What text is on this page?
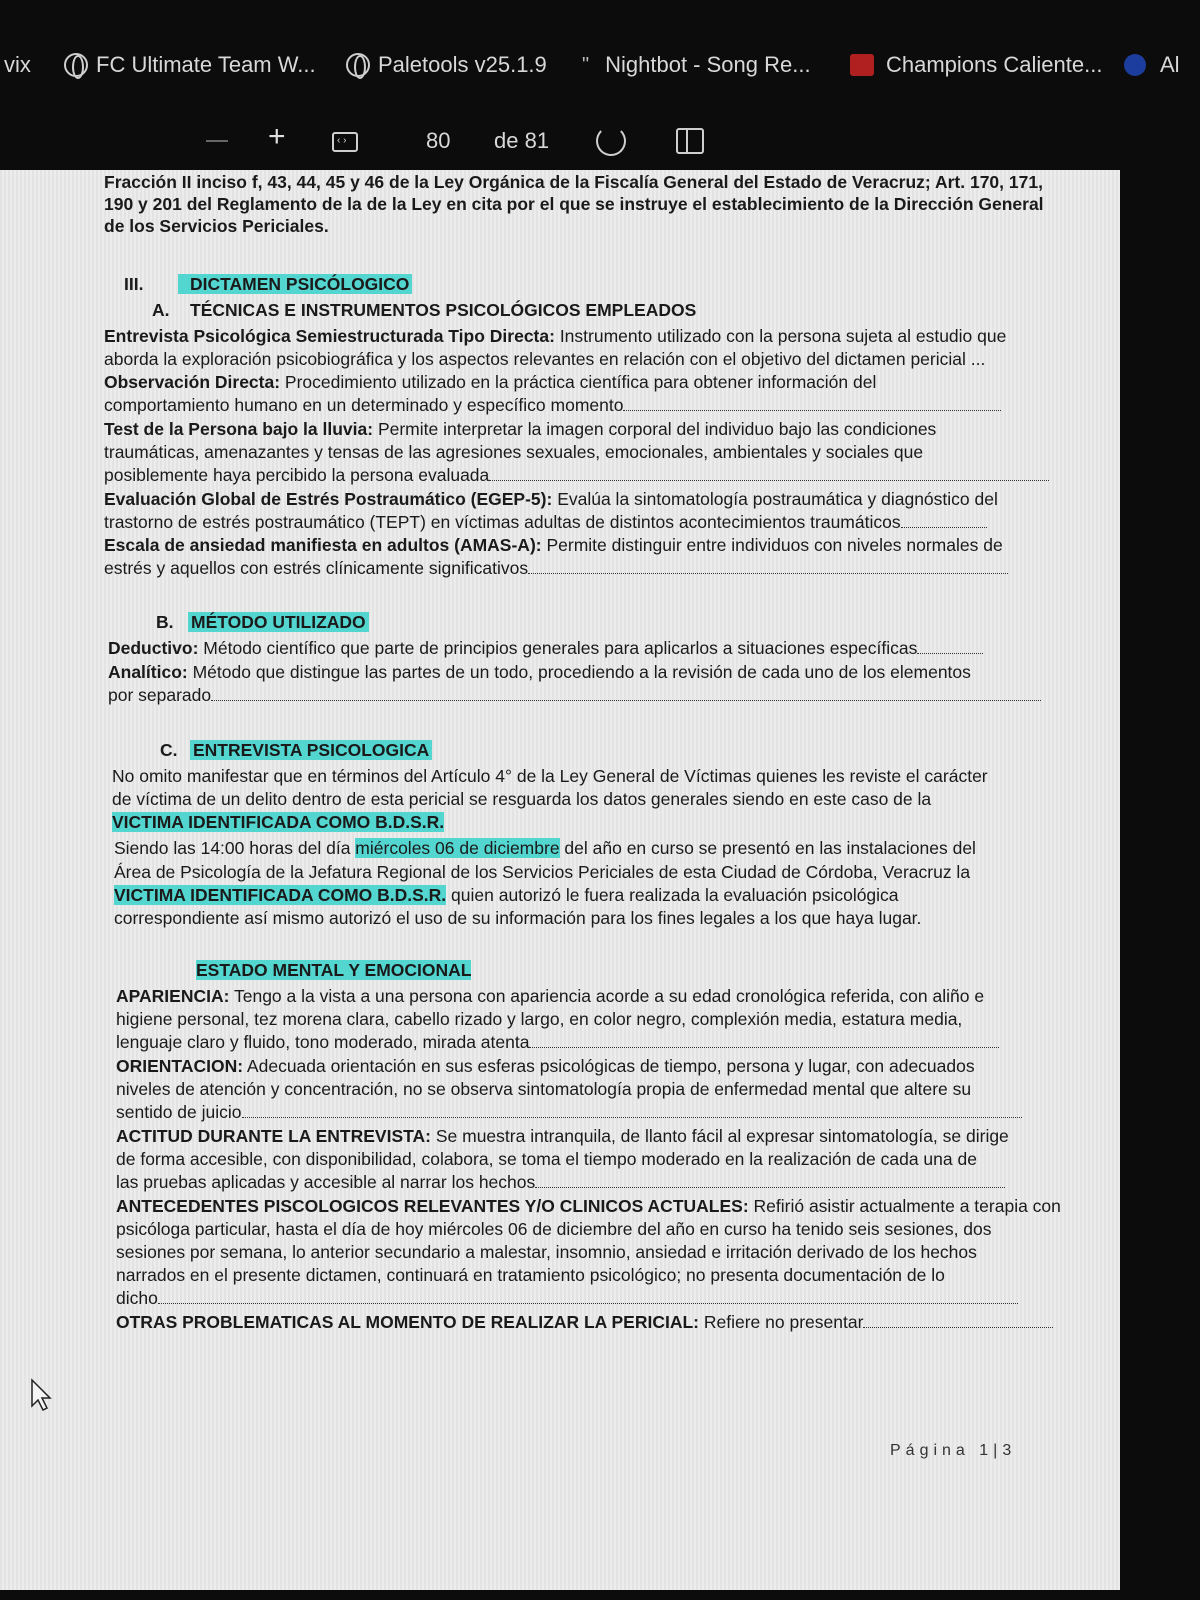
vix	FC Ultimate Team W...	Paletools v25.1.9 " Nightbot - Song Re...	Champions Caliente...	Al
+
‹ ›	80 de 81
Fracción II inciso f, 43, 44, 45 y 46 de la Ley Orgánica de la Fiscalía General del Estado de Veracruz; Art. 170, 171,
190 y 201 del Reglamento de la de la Ley en cita por el que se instruye el establecimiento de la Dirección General
de los Servicios Periciales.
III.	DICTAMEN PSICÓLOGICO
A. TÉCNICAS E INSTRUMENTOS PSICOLÓGICOS EMPLEADOS
Entrevista Psicológica Semiestructurada Tipo Directa: Instrumento utilizado con la persona sujeta al estudio que
aborda la exploración psicobiográfica y los aspectos relevantes en relación con el objetivo del dictamen pericial ...
Observación Directa: Procedimiento utilizado en la práctica científica para obtener información del
comportamiento humano en un determinado y específico momento
Test de la Persona bajo la lluvia: Permite interpretar la imagen corporal del individuo bajo las condiciones
traumáticas, amenazantes y tensas de las agresiones sexuales, emocionales, ambientales y sociales que
posiblemente haya percibido la persona evaluada
Evaluación Global de Estrés Postraumático (EGEP-5): Evalúa la sintomatología postraumática y diagnóstico del
trastorno de estrés postraumático (TEPT) en víctimas adultas de distintos acontecimientos traumáticos
Escala de ansiedad manifiesta en adultos (AMAS-A): Permite distinguir entre individuos con niveles normales de
estrés y aquellos con estrés clínicamente significativos
B. MÉTODO UTILIZADO
Deductivo: Método científico que parte de principios generales para aplicarlos a situaciones específicas
Analítico: Método que distingue las partes de un todo, procediendo a la revisión de cada uno de los elementos
por separado
C. ENTREVISTA PSICOLOGICA
No omito manifestar que en términos del Artículo 4° de la Ley General de Víctimas quienes les reviste el carácter
de víctima de un delito dentro de esta pericial se resguarda los datos generales siendo en este caso de la
VICTIMA IDENTIFICADA COMO B.D.S.R.
Siendo las 14:00 horas del día miércoles 06 de diciembre del año en curso se presentó en las instalaciones del
Área de Psicología de la Jefatura Regional de los Servicios Periciales de esta Ciudad de Córdoba, Veracruz la
VICTIMA IDENTIFICADA COMO B.D.S.R. quien autorizó le fuera realizada la evaluación psicológica
correspondiente así mismo autorizó el uso de su información para los fines legales a los que haya lugar.
ESTADO MENTAL Y EMOCIONAL
APARIENCIA: Tengo a la vista a una persona con apariencia acorde a su edad cronológica referida, con aliño e
higiene personal, tez morena clara, cabello rizado y largo, en color negro, complexión media, estatura media,
lenguaje claro y fluido, tono moderado, mirada atenta
ORIENTACION: Adecuada orientación en sus esferas psicológicas de tiempo, persona y lugar, con adecuados
niveles de atención y concentración, no se observa sintomatología propia de enfermedad mental que altere su
sentido de juicio
ACTITUD DURANTE LA ENTREVISTA: Se muestra intranquila, de llanto fácil al expresar sintomatología, se dirige
de forma accesible, con disponibilidad, colabora, se toma el tiempo moderado en la realización de cada una de
las pruebas aplicadas y accesible al narrar los hechos
ANTECEDENTES PISCOLOGICOS RELEVANTES Y/O CLINICOS ACTUALES: Refirió asistir actualmente a terapia con
psicóloga particular, hasta el día de hoy miércoles 06 de diciembre del año en curso ha tenido seis sesiones, dos
sesiones por semana, lo anterior secundario a malestar, insomnio, ansiedad e irritación derivado de los hechos
narrados en el presente dictamen, continuará en tratamiento psicológico; no presenta documentación de lo
dicho
OTRAS PROBLEMATICAS AL MOMENTO DE REALIZAR LA PERICIAL: Refiere no presentar
Página 1|3
